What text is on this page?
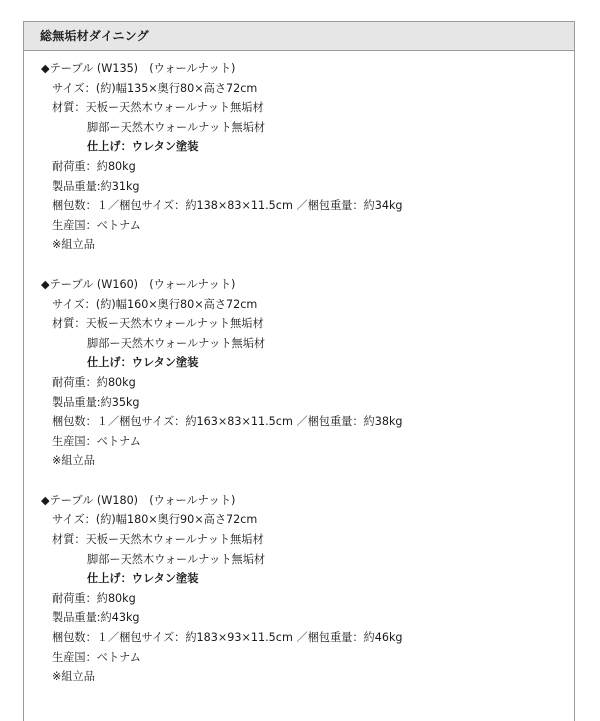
総無垢材ダイニング
◆テーブル (W135)　(ウォールナット)
サイズ：(約)幅135×奥行80×高さ72cm
材質：天板ー天然木ウォールナット無垢材
脚部ー天然木ウォールナット無垢材
仕上げ：ウレタン塗装
耐荷重：約80kg
製品重量:約31kg
梱包数：１／梱包サイズ：約138×83×11.5cm ／梱包重量：約34kg
生産国：ベトナム
※組立品
◆テーブル (W160)　(ウォールナット)
サイズ：(約)幅160×奥行80×高さ72cm
材質：天板ー天然木ウォールナット無垢材
脚部ー天然木ウォールナット無垢材
仕上げ：ウレタン塗装
耐荷重：約80kg
製品重量:約35kg
梱包数：１／梱包サイズ：約163×83×11.5cm ／梱包重量：約38kg
生産国：ベトナム
※組立品
◆テーブル (W180)　(ウォールナット)
サイズ：(約)幅180×奥行90×高さ72cm
材質：天板ー天然木ウォールナット無垢材
脚部ー天然木ウォールナット無垢材
仕上げ：ウレタン塗装
耐荷重：約80kg
製品重量:約43kg
梱包数：１／梱包サイズ：約183×93×11.5cm ／梱包重量：約46kg
生産国：ベトナム
※組立品
